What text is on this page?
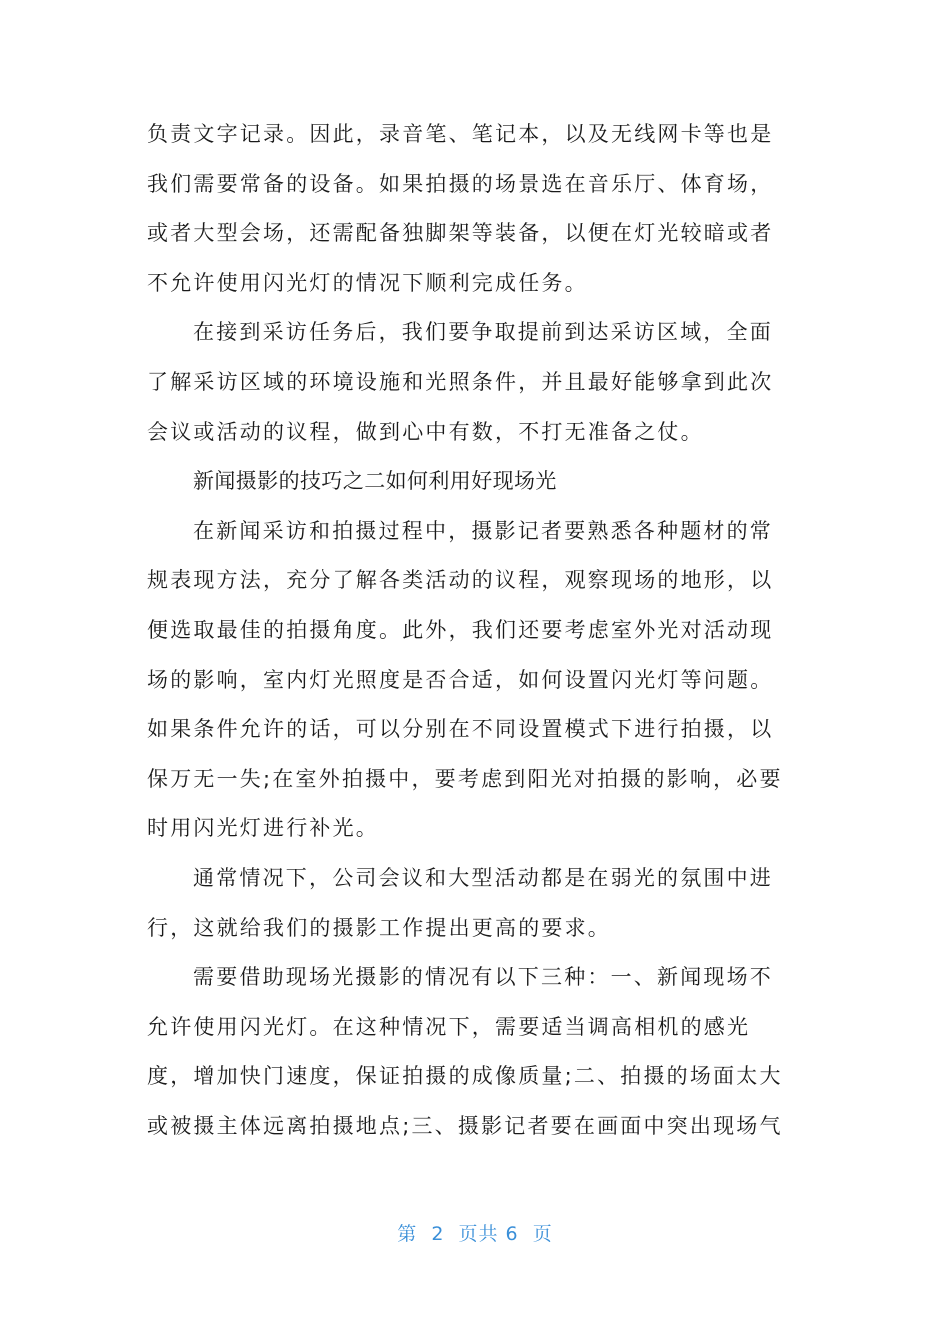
负责文字记录。因此，录音笔、笔记本，以及无线网卡等也是
我们需要常备的设备。如果拍摄的场景选在音乐厅、体育场，
或者大型会场，还需配备独脚架等装备，以便在灯光较暗或者
不允许使用闪光灯的情况下顺利完成任务。
在接到采访任务后，我们要争取提前到达采访区域，全面
了解采访区域的环境设施和光照条件，并且最好能够拿到此次
会议或活动的议程，做到心中有数，不打无准备之仗。
新闻摄影的技巧之二如何利用好现场光
在新闻采访和拍摄过程中，摄影记者要熟悉各种题材的常
规表现方法，充分了解各类活动的议程，观察现场的地形，以
便选取最佳的拍摄角度。此外，我们还要考虑室外光对活动现
场的影响，室内灯光照度是否合适，如何设置闪光灯等问题。
如果条件允许的话，可以分别在不同设置模式下进行拍摄，以
保万无一失;在室外拍摄中，要考虑到阳光对拍摄的影响，必要
时用闪光灯进行补光。
通常情况下，公司会议和大型活动都是在弱光的氛围中进
行，这就给我们的摄影工作提出更高的要求。
需要借助现场光摄影的情况有以下三种：一、新闻现场不
允许使用闪光灯。在这种情况下，需要适当调高相机的感光
度，增加快门速度，保证拍摄的成像质量;二、拍摄的场面太大
或被摄主体远离拍摄地点;三、摄影记者要在画面中突出现场气
第  2  页共 6  页
